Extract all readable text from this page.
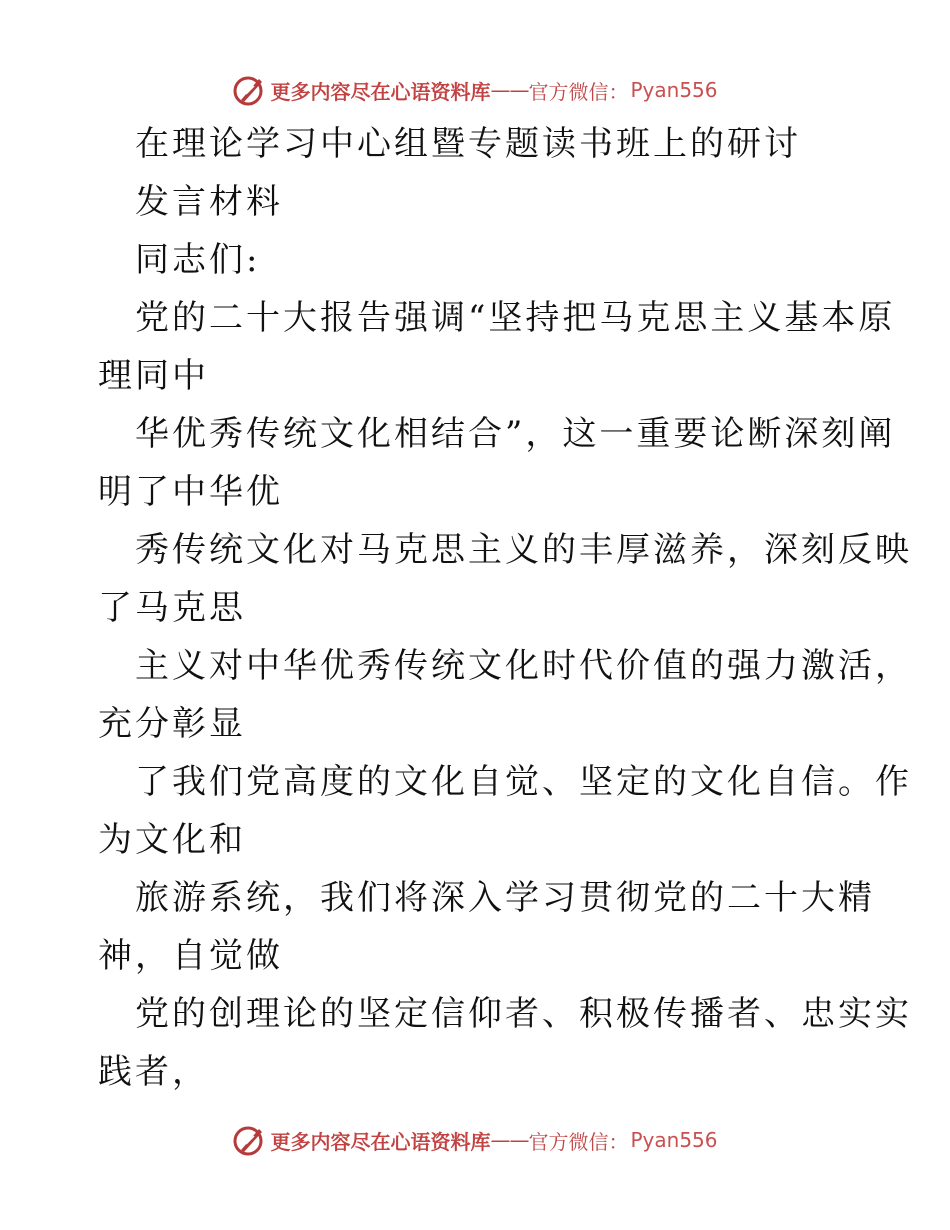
更多内容尽在心语资料库 —— 官方微信： Pyan556
在理论学习中心组暨专题读书班上的研讨
发言材料
同志们:
党的二十大报告强调“坚持把马克思主义基本原
理同中
华优秀传统文化相结合”，这一重要论断深刻阐
明了中华优
秀传统文化对马克思主义的丰厚滋养，深刻反映
了马克思
主义对中华优秀传统文化时代价值的强力激活，
充分彰显
了我们党高度的文化自觉、坚定的文化自信。作
为文化和
旅游系统，我们将深入学习贯彻党的二十大精
神，自觉做
党的创理论的坚定信仰者、积极传播者、忠实实
践者，
更多内容尽在心语资料库 —— 官方微信： Pyan556
